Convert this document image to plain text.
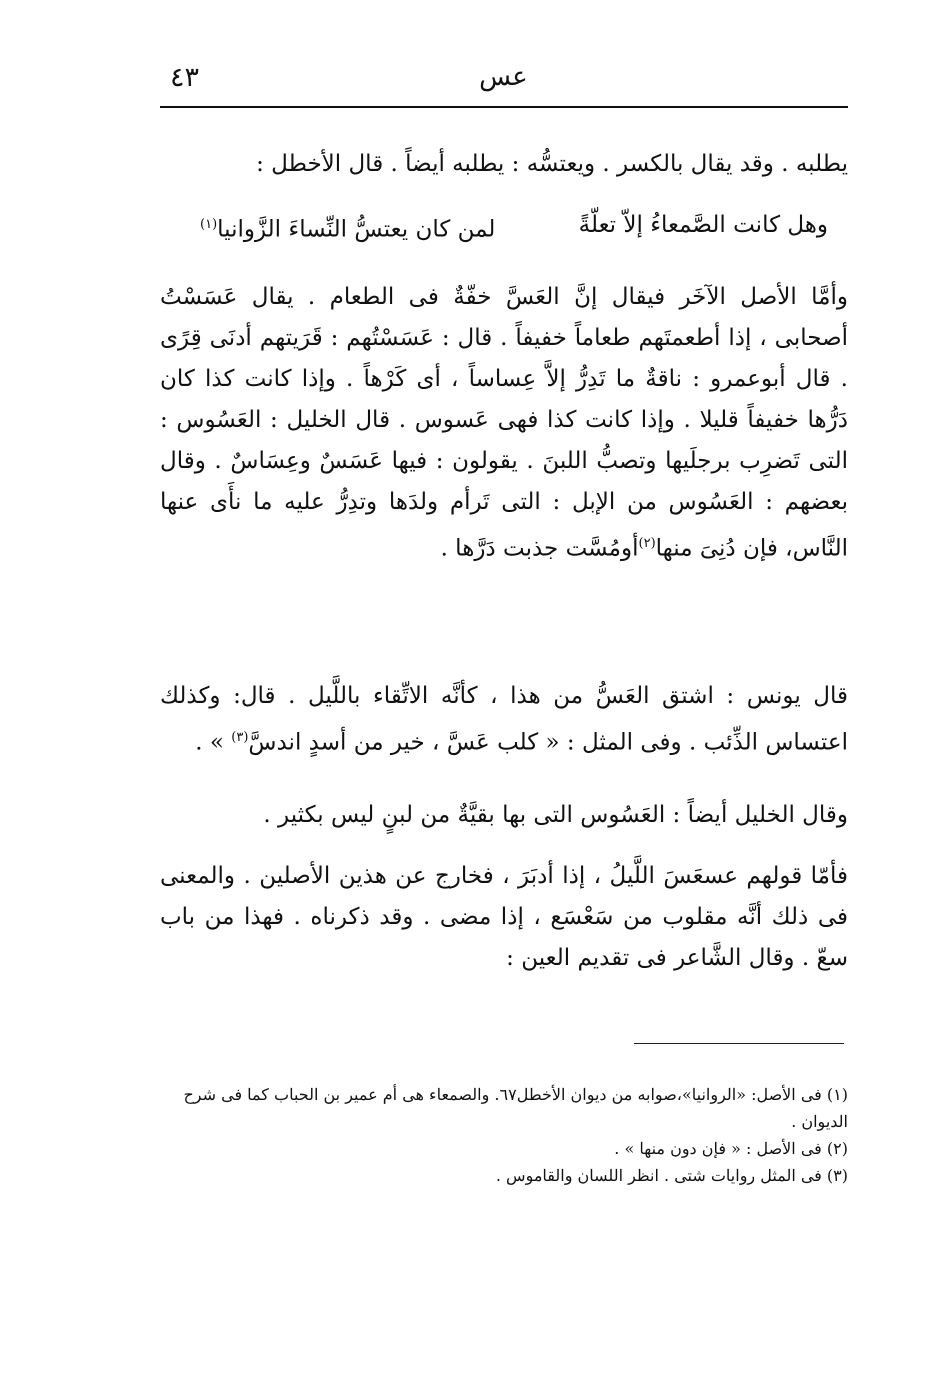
٤٣	عس

يطلبه . وقد يقال بالكسر . ويعتسُّه : يطلبه أيضاً . قال الأخطل :

وهل كانت الصَّمعاءُ إلاّ تعلّةً
لمن كان يعتسُّ النِّساءَ الزَّوانيا$^{(١)}$

وأمَّا الأصل الآخَر فيقال إنَّ العَسَّ خفّةٌ فى الطعام . يقال عَسَسْتُ أصحابى ، إذا أطعمتَهم طعاماً خفيفاً . قال : عَسَسْتُهم : قَرَيتهم أدنَى قِرًى . قال أبوعمرو : ناقةٌ ما تَدِرُّ إلاَّ عِساساً ، أى كَرْهاً . وإذا كانت كذا كان دَرُّها خفيفاً قليلا . وإذا كانت كذا فهى عَسوس . قال الخليل : العَسُوس : التى تَضرِب برجلَيها وتصبُّ اللبنَ . يقولون : فيها عَسَسٌ وعِسَاسٌ . وقال بعضهم : العَسُوس من الإبل : التى تَرأم ولدَها وتدِرُّ عليه ما نأَى عنها النَّاس، فإن دُنِىَ منها$^{(٢)}$أومُسَّت جذبت دَرَّها .

قال يونس : اشتق العَسُّ من هذا ، كأنَّه الاتِّقاء باللَّيل . قال: وكذلك اعتساس الذِّئب . وفى المثل : « كلب عَسَّ ، خير من أسدٍ اندسَّ$^{(٣)}$ » .

وقال الخليل أيضاً : العَسُوس التى بها بقيَّةٌ من لبنٍ ليس بكثير .

فأمّا قولهم عسعَسَ اللَّيلُ ، إذا أدبَرَ ، فخارج عن هذين الأصلين . والمعنى فى ذلك أنَّه مقلوب من سَعْسَع ، إذا مضى . وقد ذكرناه . فهذا من باب سعّ . وقال الشَّاعر فى تقديم العين :

(١) فى الأصل: «الروانيا»،صوابه من ديوان الأخطل٦٧. والصمعاء هى أم عمير بن الحباب كما فى شرح الديوان .

(٢) فى الأصل : « فإن دون منها » .

(٣) فى المثل روايات شتى . انظر اللسان والقاموس .
